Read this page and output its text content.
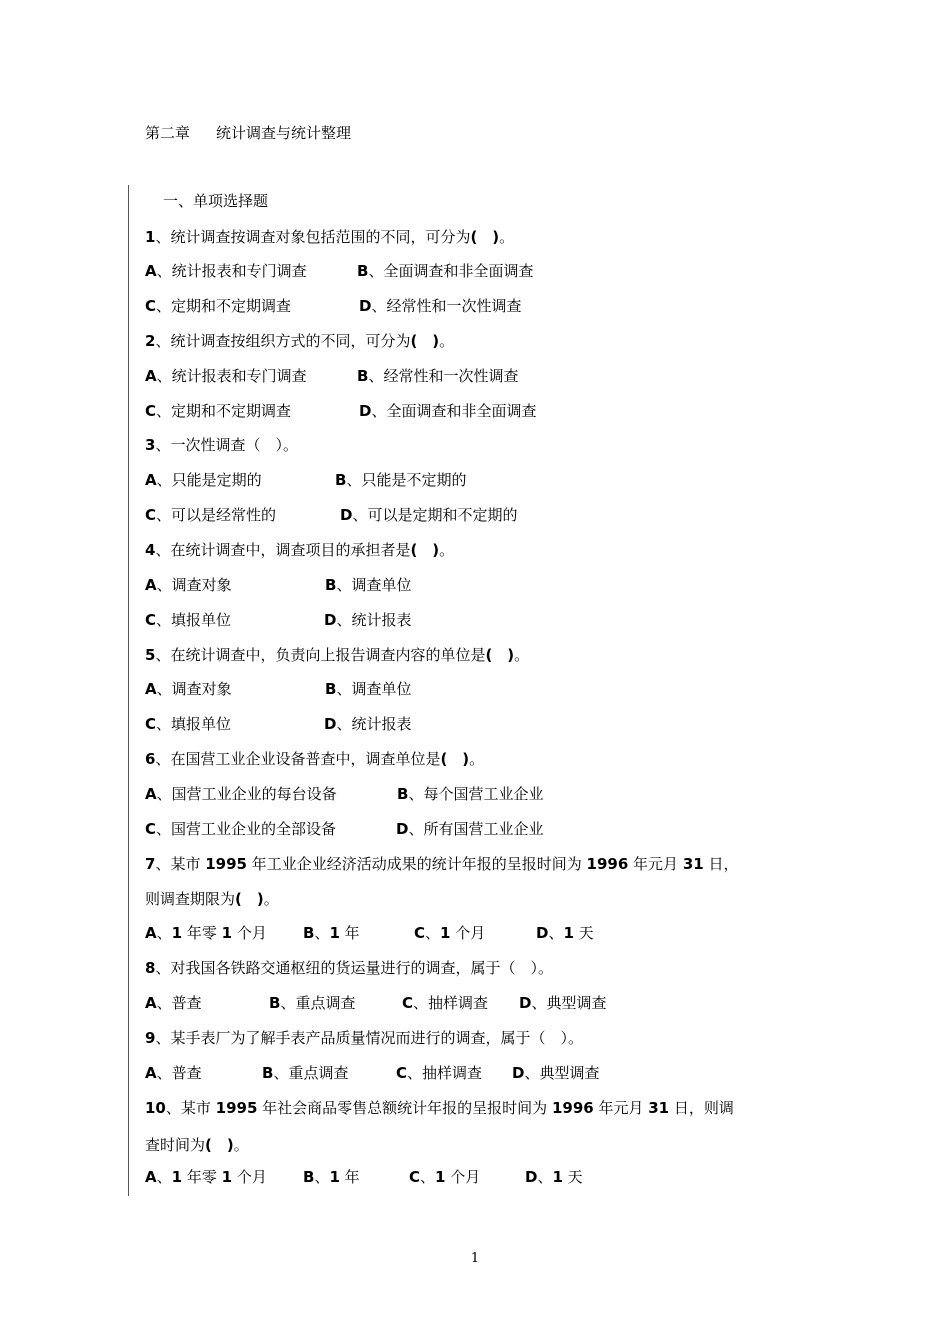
第二章 统计调查与统计整理
一、单项选择题
1、统计调查按调查对象包括范围的不同，可分为(　)。
A、统计报表和专门调查	B、全面调查和非全面调查
C、定期和不定期调查	D、经常性和一次性调查
2、统计调查按组织方式的不同，可分为(　)。
A、统计报表和专门调查	B、经常性和一次性调查
C、定期和不定期调查	D、全面调查和非全面调查
3、一次性调查（　）。
A、只能是定期的	B、只能是不定期的
C、可以是经常性的	D、可以是定期和不定期的
4、在统计调查中，调查项目的承担者是(　)。
A、调查对象	B、调查单位
C、填报单位	D、统计报表
5、在统计调查中，负责向上报告调查内容的单位是(　)。
A、调查对象	B、调查单位
C、填报单位	D、统计报表
6、在国营工业企业设备普查中，调查单位是(　)。
A、国营工业企业的每台设备	B、每个国营工业企业
C、国营工业企业的全部设备	D、所有国营工业企业
7、某市 1995 年工业企业经济活动成果的统计年报的呈报时间为 1996 年元月 31 日，
则调查期限为(　)。
A、1 年零 1 个月 B、1 年	C、1 个月	D、1 天
8、对我国各铁路交通枢纽的货运量进行的调查，属于（　）。
A、普查	B、重点调查	C、抽样调查 D、典型调查
9、某手表厂为了解手表产品质量情况而进行的调查，属于（　）。
A、普查	B、重点调查	C、抽样调查 D、典型调查
10、某市 1995 年社会商品零售总额统计年报的呈报时间为 1996 年元月 31 日，则调
查时间为(　)。
A、1 年零 1 个月 B、1 年	C、1 个月	D、1 天
1
